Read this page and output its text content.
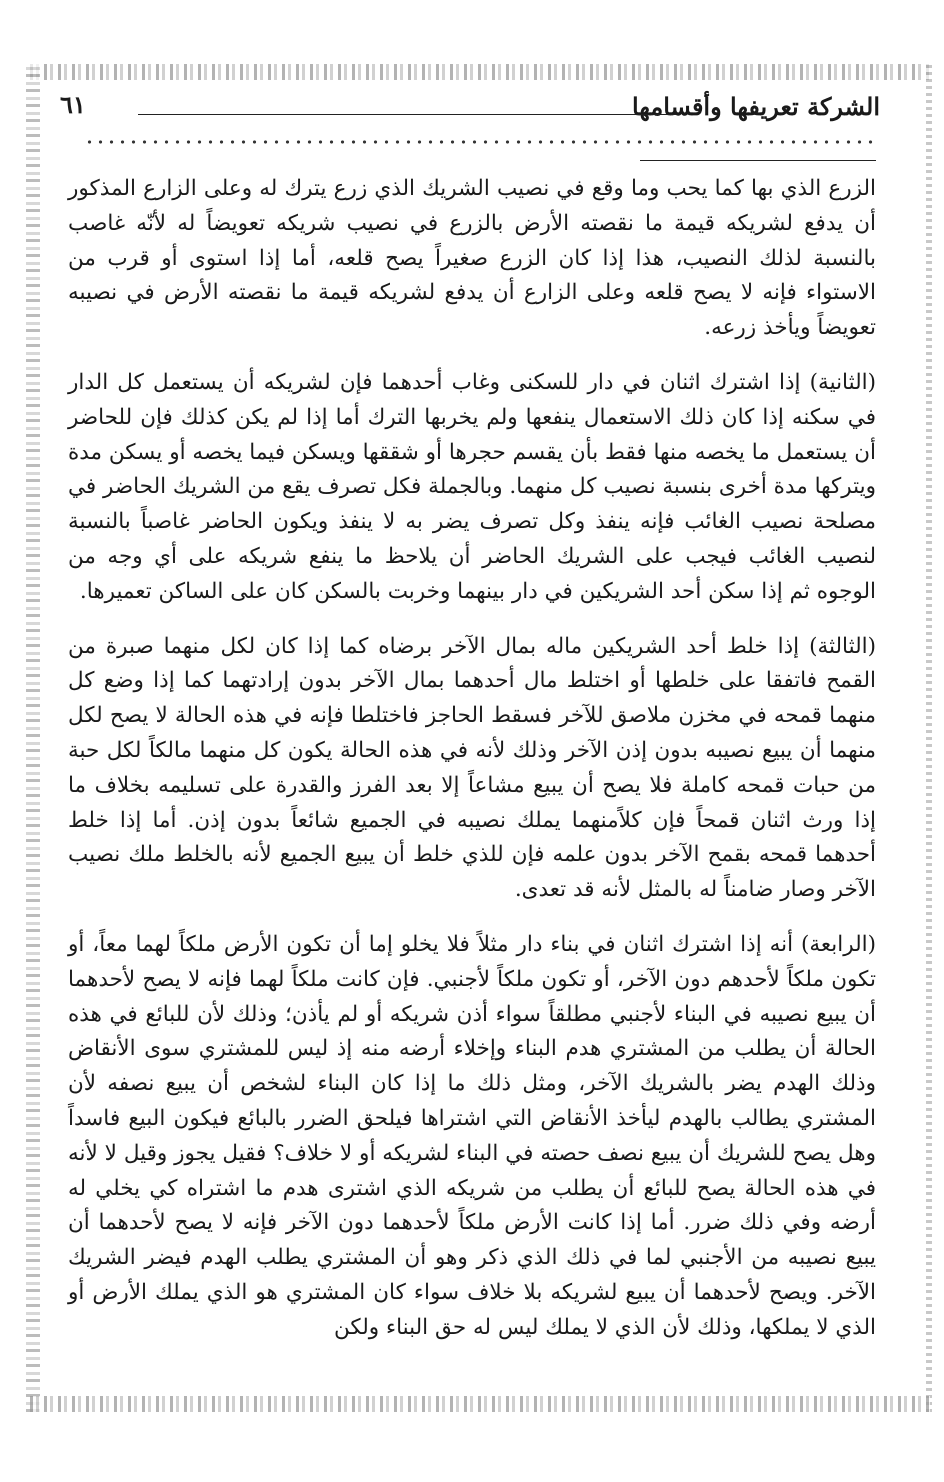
الشركة تعريفها وأقسامها
٦١

الزرع الذي بها كما يحب وما وقع في نصيب الشريك الذي زرع يترك له وعلى الزارع المذكور أن يدفع لشريكه قيمة ما نقصته الأرض بالزرع في نصيب شريكه تعويضاً له لأنّه غاصب بالنسبة لذلك النصيب، هذا إذا كان الزرع صغيراً يصح قلعه، أما إذا استوى أو قرب من الاستواء فإنه لا يصح قلعه وعلى الزارع أن يدفع لشريكه قيمة ما نقصته الأرض في نصيبه تعويضاً ويأخذ زرعه.

(الثانية) إذا اشترك اثنان في دار للسكنى وغاب أحدهما فإن لشريكه أن يستعمل كل الدار في سكنه إذا كان ذلك الاستعمال ينفعها ولم يخربها الترك أما إذا لم يكن كذلك فإن للحاضر أن يستعمل ما يخصه منها فقط بأن يقسم حجرها أو شققها ويسكن فيما يخصه أو يسكن مدة ويتركها مدة أخرى بنسبة نصيب كل منهما. وبالجملة فكل تصرف يقع من الشريك الحاضر في مصلحة نصيب الغائب فإنه ينفذ وكل تصرف يضر به لا ينفذ ويكون الحاضر غاصباً بالنسبة لنصيب الغائب فيجب على الشريك الحاضر أن يلاحظ ما ينفع شريكه على أي وجه من الوجوه ثم إذا سكن أحد الشريكين في دار بينهما وخربت بالسكن كان على الساكن تعميرها.

(الثالثة) إذا خلط أحد الشريكين ماله بمال الآخر برضاه كما إذا كان لكل منهما صبرة من القمح فاتفقا على خلطها أو اختلط مال أحدهما بمال الآخر بدون إرادتهما كما إذا وضع كل منهما قمحه في مخزن ملاصق للآخر فسقط الحاجز فاختلطا فإنه في هذه الحالة لا يصح لكل منهما أن يبيع نصيبه بدون إذن الآخر وذلك لأنه في هذه الحالة يكون كل منهما مالكاً لكل حبة من حبات قمحه كاملة فلا يصح أن يبيع مشاعاً إلا بعد الفرز والقدرة على تسليمه بخلاف ما إذا ورث اثنان قمحاً فإن كلاًمنهما يملك نصيبه في الجميع شائعاً بدون إذن. أما إذا خلط أحدهما قمحه بقمح الآخر بدون علمه فإن للذي خلط أن يبيع الجميع لأنه بالخلط ملك نصيب الآخر وصار ضامناً له بالمثل لأنه قد تعدى.

(الرابعة) أنه إذا اشترك اثنان في بناء دار مثلاً فلا يخلو إما أن تكون الأرض ملكاً لهما معاً، أو تكون ملكاً لأحدهم دون الآخر، أو تكون ملكاً لأجنبي. فإن كانت ملكاً لهما فإنه لا يصح لأحدهما أن يبيع نصيبه في البناء لأجنبي مطلقاً سواء أذن شريكه أو لم يأذن؛ وذلك لأن للبائع في هذه الحالة أن يطلب من المشتري هدم البناء وإخلاء أرضه منه إذ ليس للمشتري سوى الأنقاض وذلك الهدم يضر بالشريك الآخر، ومثل ذلك ما إذا كان البناء لشخص أن يبيع نصفه لأن المشتري يطالب بالهدم ليأخذ الأنقاض التي اشتراها فيلحق الضرر بالبائع فيكون البيع فاسداً وهل يصح للشريك أن يبيع نصف حصته في البناء لشريكه أو لا خلاف؟ فقيل يجوز وقيل لا لأنه في هذه الحالة يصح للبائع أن يطلب من شريكه الذي اشترى هدم ما اشتراه كي يخلي له أرضه وفي ذلك ضرر. أما إذا كانت الأرض ملكاً لأحدهما دون الآخر فإنه لا يصح لأحدهما أن يبيع نصيبه من الأجنبي لما في ذلك الذي ذكر وهو أن المشتري يطلب الهدم فيضر الشريك الآخر. ويصح لأحدهما أن يبيع لشريكه بلا خلاف سواء كان المشتري هو الذي يملك الأرض أو الذي لا يملكها، وذلك لأن الذي لا يملك ليس له حق البناء ولكن
